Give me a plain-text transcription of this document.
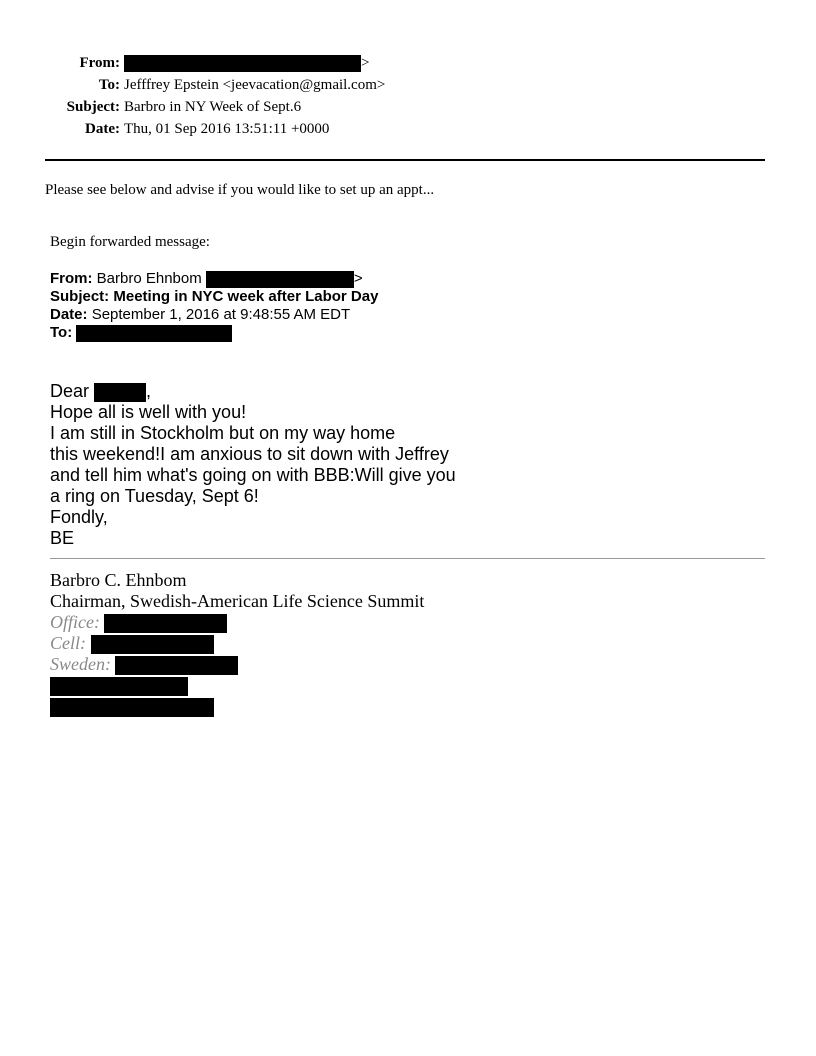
From:	>
To: Jefffrey Epstein <jeevacation@gmail.com>
Subject: Barbro in NY Week of Sept.6
Date: Thu, 01 Sep 2016 13:51:11 +0000
Please see below and advise if you would like to set up an appt...
Begin forwarded message:
From: Barbro Ehnbom	>
Subject: Meeting in NYC week after Labor Day
Date: September 1, 2016 at 9:48:55 AM EDT
To:
Dear	,
Hope all is well with you!
I am still in Stockholm but on my way home
this weekend!I am anxious to sit down with Jeffrey
and tell him what's going on with BBB:Will give you
a ring on Tuesday, Sept 6!
Fondly,
BE
Barbro C. Ehnbom
Chairman, Swedish-American Life Science Summit
Office:
Cell:
Sweden:
